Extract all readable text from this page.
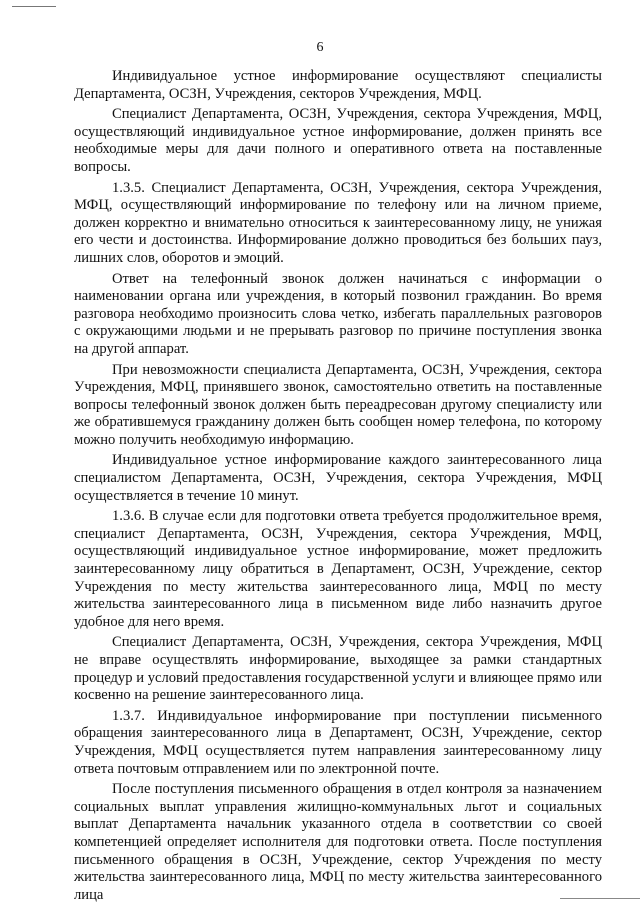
6

Индивидуальное устное информирование осуществляют специалисты Департамента, ОСЗН, Учреждения, секторов Учреждения, МФЦ.

Специалист Департамента, ОСЗН, Учреждения, сектора Учреждения, МФЦ, осуществляющий индивидуальное устное информирование, должен принять все необходимые меры для дачи полного и оперативного ответа на поставленные вопросы.

1.3.5. Специалист Департамента, ОСЗН, Учреждения, сектора Учреждения, МФЦ, осуществляющий информирование по телефону или на личном приеме, должен корректно и внимательно относиться к заинтересованному лицу, не унижая его чести и достоинства. Информирование должно проводиться без больших пауз, лишних слов, оборотов и эмоций.

Ответ на телефонный звонок должен начинаться с информации о наименовании органа или учреждения, в который позвонил гражданин. Во время разговора необходимо произносить слова четко, избегать параллельных разговоров с окружающими людьми и не прерывать разговор по причине поступления звонка на другой аппарат.

При невозможности специалиста Департамента, ОСЗН, Учреждения, сектора Учреждения, МФЦ, принявшего звонок, самостоятельно ответить на поставленные вопросы телефонный звонок должен быть переадресован другому специалисту или же обратившемуся гражданину должен быть сообщен номер телефона, по которому можно получить необходимую информацию.

Индивидуальное устное информирование каждого заинтересованного лица специалистом Департамента, ОСЗН, Учреждения, сектора Учреждения, МФЦ осуществляется в течение 10 минут.

1.3.6. В случае если для подготовки ответа требуется продолжительное время, специалист Департамента, ОСЗН, Учреждения, сектора Учреждения, МФЦ, осуществляющий индивидуальное устное информирование, может предложить заинтересованному лицу обратиться в Департамент, ОСЗН, Учреждение, сектор Учреждения по месту жительства заинтересованного лица, МФЦ по месту жительства заинтересованного лица в письменном виде либо назначить другое удобное для него время.

Специалист Департамента, ОСЗН, Учреждения, сектора Учреждения, МФЦ не вправе осуществлять информирование, выходящее за рамки стандартных процедур и условий предоставления государственной услуги и влияющее прямо или косвенно на решение заинтересованного лица.

1.3.7. Индивидуальное информирование при поступлении письменного обращения заинтересованного лица в Департамент, ОСЗН, Учреждение, сектор Учреждения, МФЦ осуществляется путем направления заинтересованному лицу ответа почтовым отправлением или по электронной почте.

После поступления письменного обращения в отдел контроля за назначением социальных выплат управления жилищно-коммунальных льгот и социальных выплат Департамента начальник указанного отдела в соответствии со своей компетенцией определяет исполнителя для подготовки ответа. После поступления письменного обращения в ОСЗН, Учреждение, сектор Учреждения по месту жительства заинтересованного лица, МФЦ по месту жительства заинтересованного лица
